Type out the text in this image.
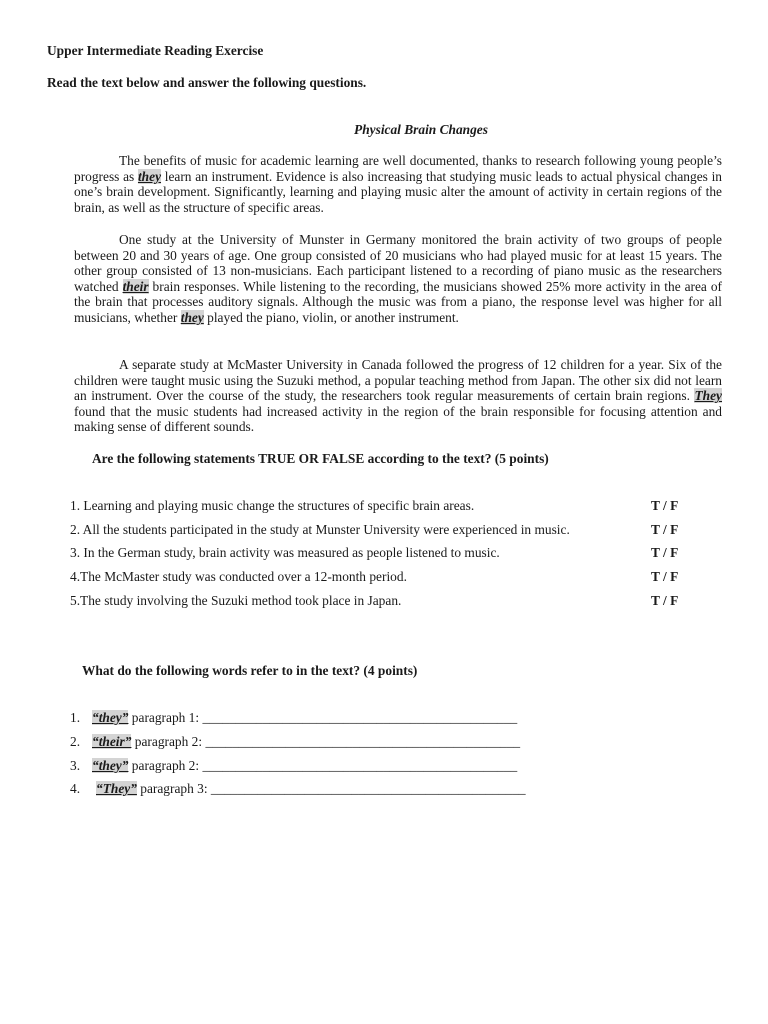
Upper Intermediate Reading Exercise
Read the text below and answer the following questions.
Physical Brain Changes

The benefits of music for academic learning are well documented, thanks to research following young people’s progress as they learn an instrument. Evidence is also increasing that studying music leads to actual physical changes in one’s brain development. Significantly, learning and playing music alter the amount of activity in certain regions of the brain, as well as the structure of specific areas.

One study at the University of Munster in Germany monitored the brain activity of two groups of people between 20 and 30 years of age. One group consisted of 20 musicians who had played music for at least 15 years. The other group consisted of 13 non-musicians. Each participant listened to a recording of piano music as the researchers watched their brain responses. While listening to the recording, the musicians showed 25% more activity in the area of the brain that processes auditory signals. Although the music was from a piano, the response level was higher for all musicians, whether they played the piano, violin, or another instrument.

A separate study at McMaster University in Canada followed the progress of 12 children for a year. Six of the children were taught music using the Suzuki method, a popular teaching method from Japan. The other six did not learn an instrument. Over the course of the study, the researchers took regular measurements of certain brain regions. They found that the music students had increased activity in the region of the brain responsible for focusing attention and making sense of different sounds.

Are the following statements TRUE OR FALSE according to the text? (5 points)
1. Learning and playing music change the structures of specific brain areas.	T / F
2. All the students participated in the study at Munster University were experienced in music.	T / F
3. In the German study, brain activity was measured as people listened to music.	T / F
4.The McMaster study was conducted over a 12-month period.	T / F
5.The study involving the Suzuki method took place in Japan.	T / F
What do the following words refer to in the text? (4 points)
1. “they” paragraph 1: _______________________________________________
2. “their” paragraph 2: _______________________________________________
3. “they” paragraph 2: _______________________________________________
4. “They” paragraph 3: _______________________________________________
